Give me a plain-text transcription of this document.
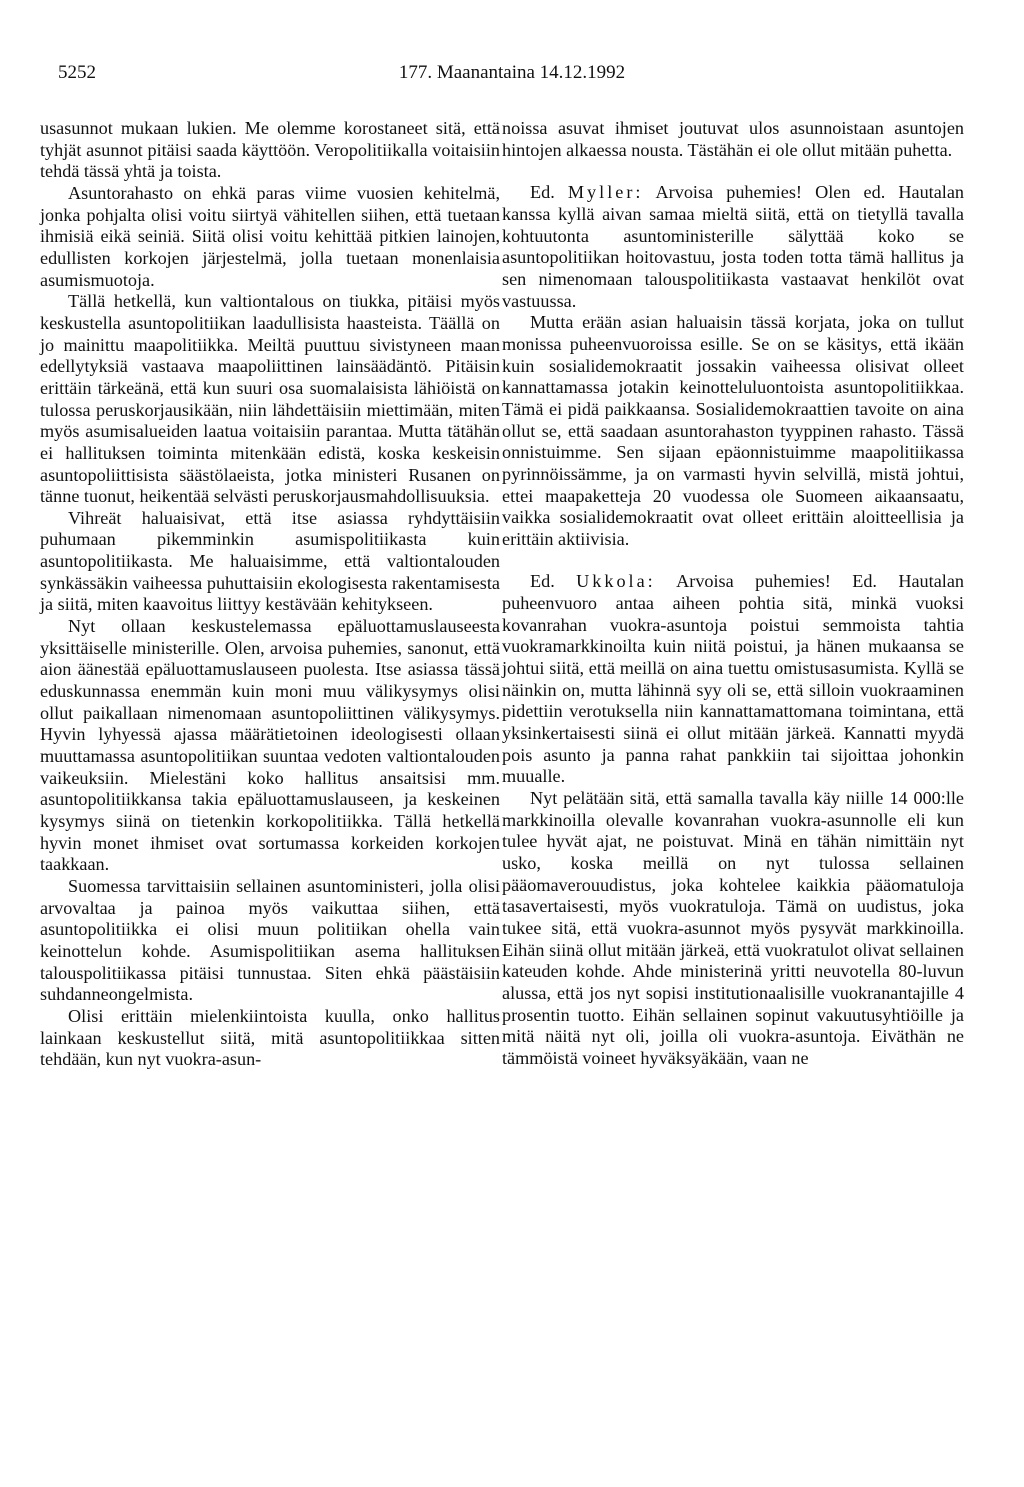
5252	177. Maanantaina 14.12.1992

usasunnot mukaan lukien. Me olemme korostaneet sitä, että tyhjät asunnot pitäisi saada käyttöön. Veropolitiikalla voitaisiin tehdä tässä yhtä ja toista.

Asuntorahasto on ehkä paras viime vuosien kehitelmä, jonka pohjalta olisi voitu siirtyä vähitellen siihen, että tuetaan ihmisiä eikä seiniä. Siitä olisi voitu kehittää pitkien lainojen, edullisten korkojen järjestelmä, jolla tuetaan monenlaisia asumismuotoja.

Tällä hetkellä, kun valtiontalous on tiukka, pitäisi myös keskustella asuntopolitiikan laadullisista haasteista. Täällä on jo mainittu maapolitiikka. Meiltä puuttuu sivistyneen maan edellytyksiä vastaava maapoliittinen lainsäädäntö. Pitäisin erittäin tärkeänä, että kun suuri osa suomalaisista lähiöistä on tulossa peruskorjausikään, niin lähdettäisiin miettimään, miten myös asumisalueiden laatua voitaisiin parantaa. Mutta tätähän ei hallituksen toiminta mitenkään edistä, koska keskeisin asuntopoliittisista säästölaeista, jotka ministeri Rusanen on tänne tuonut, heikentää selvästi peruskorjausmahdollisuuksia.

Vihreät haluaisivat, että itse asiassa ryhdyttäisiin puhumaan pikemminkin asumispolitiikasta kuin asuntopolitiikasta. Me haluaisimme, että valtiontalouden synkässäkin vaiheessa puhuttaisiin ekologisesta rakentamisesta ja siitä, miten kaavoitus liittyy kestävään kehitykseen.

Nyt ollaan keskustelemassa epäluottamuslauseesta yksittäiselle ministerille. Olen, arvoisa puhemies, sanonut, että aion äänestää epäluottamuslauseen puolesta. Itse asiassa tässä eduskunnassa enemmän kuin moni muu välikysymys olisi ollut paikallaan nimenomaan asuntopoliittinen välikysymys. Hyvin lyhyessä ajassa määrätietoinen ideologisesti ollaan muuttamassa asuntopolitiikan suuntaa vedoten valtiontalouden vaikeuksiin. Mielestäni koko hallitus ansaitsisi mm. asuntopolitiikkansa takia epäluottamuslauseen, ja keskeinen kysymys siinä on tietenkin korkopolitiikka. Tällä hetkellä hyvin monet ihmiset ovat sortumassa korkeiden korkojen taakkaan.

Suomessa tarvittaisiin sellainen asuntoministeri, jolla olisi arvovaltaa ja painoa myös vaikuttaa siihen, että asuntopolitiikka ei olisi muun politiikan ohella vain keinottelun kohde. Asumispolitiikan asema hallituksen talouspolitiikassa pitäisi tunnustaa. Siten ehkä päästäisiin suhdanneongelmista.

Olisi erittäin mielenkiintoista kuulla, onko hallitus lainkaan keskustellut siitä, mitä asuntopolitiikkaa sitten tehdään, kun nyt vuokra-asun-

noissa asuvat ihmiset joutuvat ulos asunnoistaan asuntojen hintojen alkaessa nousta. Tästähän ei ole ollut mitään puhetta.

Ed. Myller: Arvoisa puhemies! Olen ed. Hautalan kanssa kyllä aivan samaa mieltä siitä, että on tietyllä tavalla kohtuutonta asuntoministerille sälyttää koko se asuntopolitiikan hoitovastuu, josta toden totta tämä hallitus ja sen nimenomaan talouspolitiikasta vastaavat henkilöt ovat vastuussa.

Mutta erään asian haluaisin tässä korjata, joka on tullut monissa puheenvuoroissa esille. Se on se käsitys, että ikään kuin sosialidemokraatit jossakin vaiheessa olisivat olleet kannattamassa jotakin keinotteluluontoista asuntopolitiikkaa. Tämä ei pidä paikkaansa. Sosialidemokraattien tavoite on aina ollut se, että saadaan asuntorahaston tyyppinen rahasto. Tässä onnistuimme. Sen sijaan epäonnistuimme maapolitiikassa pyrinnöissämme, ja on varmasti hyvin selvillä, mistä johtui, ettei maapaketteja 20 vuodessa ole Suomeen aikaansaatu, vaikka sosialidemokraatit ovat olleet erittäin aloitteellisia ja erittäin aktiivisia.

Ed. Ukkola: Arvoisa puhemies! Ed. Hautalan puheenvuoro antaa aiheen pohtia sitä, minkä vuoksi kovanrahan vuokra-asuntoja poistui semmoista tahtia vuokramarkkinoilta kuin niitä poistui, ja hänen mukaansa se johtui siitä, että meillä on aina tuettu omistusasumista. Kyllä se näinkin on, mutta lähinnä syy oli se, että silloin vuokraaminen pidettiin verotuksella niin kannattamattomana toimintana, että yksinkertaisesti siinä ei ollut mitään järkeä. Kannatti myydä pois asunto ja panna rahat pankkiin tai sijoittaa johonkin muualle.

Nyt pelätään sitä, että samalla tavalla käy niille 14 000:lle markkinoilla olevalle kovanrahan vuokra-asunnolle eli kun tulee hyvät ajat, ne poistuvat. Minä en tähän nimittäin nyt usko, koska meillä on nyt tulossa sellainen pääomaverouudistus, joka kohtelee kaikkia pääomatuloja tasavertaisesti, myös vuokratuloja. Tämä on uudistus, joka tukee sitä, että vuokra-asunnot myös pysyvät markkinoilla. Eihän siinä ollut mitään järkeä, että vuokratulot olivat sellainen kateuden kohde. Ahde ministerinä yritti neuvotella 80-luvun alussa, että jos nyt sopisi institutionaalisille vuokranantajille 4 prosentin tuotto. Eihän sellainen sopinut vakuutusyhtiöille ja mitä näitä nyt oli, joilla oli vuokra-asuntoja. Eiväthän ne tämmöistä voineet hyväksyäkään, vaan ne
